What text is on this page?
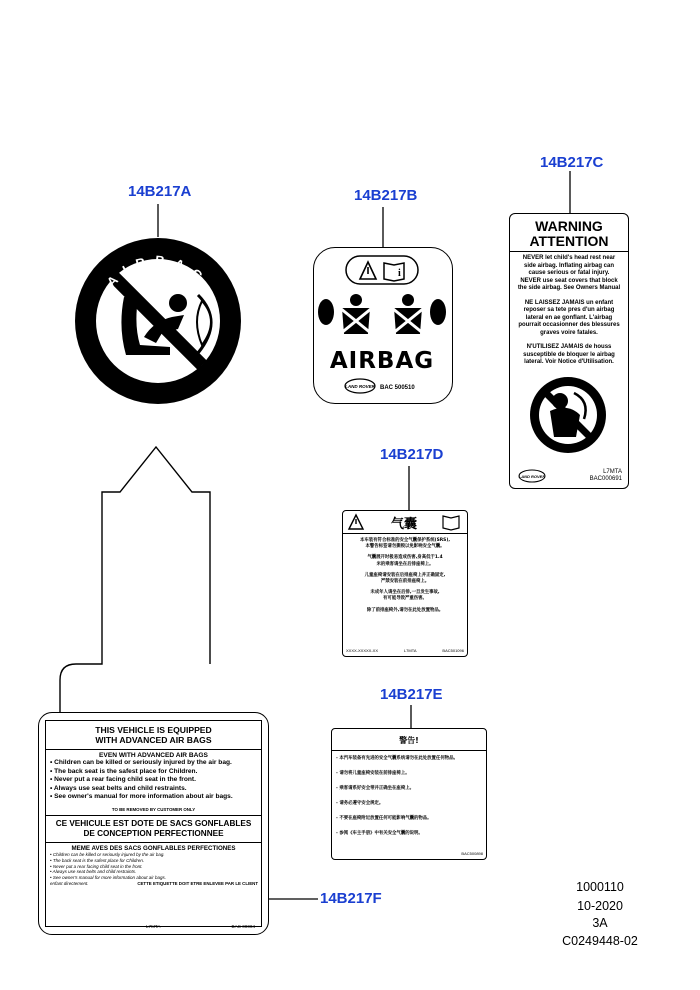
14B217A	14B217B
14B217C
14B217D
14B217E
14B217F
AIRBAG	i
AIRBAG
LAND ROVER BAC 500510
WARNING
ATTENTION
NEVER let child's head rest near
side airbag. Inflating airbag can
cause serious or fatal injury.
NEVER use seat covers that block
the side airbag. See Owners Manual
NE LAISSEZ JAMAIS un enfant
reposer sa tete pres d'un airbag
lateral en ae gonflant. L'airbag
pourrait occasionner des blessures
graves voire fatales.
N'UTILISEZ JAMAIS de houss
susceptible de bloquer le airbag
lateral. Voir Notice d'Utilisation.
LAND ROVER
L7MTA
BAC000691
气囊
本车装有符合标准的安全气囊保护系统(SRS),
本警告标签请勿撕毁以免影响安全气囊。
气囊展开时极易造成伤害,身高低于1.4
米的乘客请坐在后排座椅上。
儿童座椅请安装在后排座椅上并正确固定,
严禁安装在前排座椅上。
未成年人请坐在后排,一旦发生事故,
有可能导致严重伤害。
除了前排座椅外,请勿在此处放置物品。
XXXX-XXXXX-XX	L7MTA	BAC501096
警告!
- 本汽车装备有先进的安全气囊系统请勿在此处放置任何物品。
- 请勿将儿童座椅安装在前排座椅上。
- 乘客请系好安全带并正确坐在座椅上。
- 请务必遵守安全规定。
- 不要在座椅附近放置任何可能影响气囊的物品。
- 参阅《车主手册》中有关安全气囊的说明。
BAC500898
THIS VEHICLE IS EQUIPPED
WITH ADVANCED AIR BAGS
EVEN WITH ADVANCED AIR BAGS
• Children can be killed or seriously injured by the air bag.
• The back seat is the safest place for Children.
• Never put a rear facing child seat in the front.
• Always use seat belts and child restraints.
• See owner's manual for more information about air bags.
TO BE REMOVED BY CUSTOMER ONLY
CE VEHICULE EST DOTE DE SACS GONFLABLES
DE CONCEPTION PERFECTIONNEE
MEME AVES DES SACS GONFLABLES PERFECTIONES
• Children can be killed or seriously injured by the air bag.
• The back seat is the safest place for Children.
• Never put a rear facing child seat in the front.
• Always use seat belts and child restraints.
• See owner's manual for more information about air bags.
enfant directement.	CETTE ETIQUETTE DOIT ETRE ENLEVEE PAR LE CLIENT
L7MTA	BAC 00004
1000110
10-2020
3A
C0249448-02
